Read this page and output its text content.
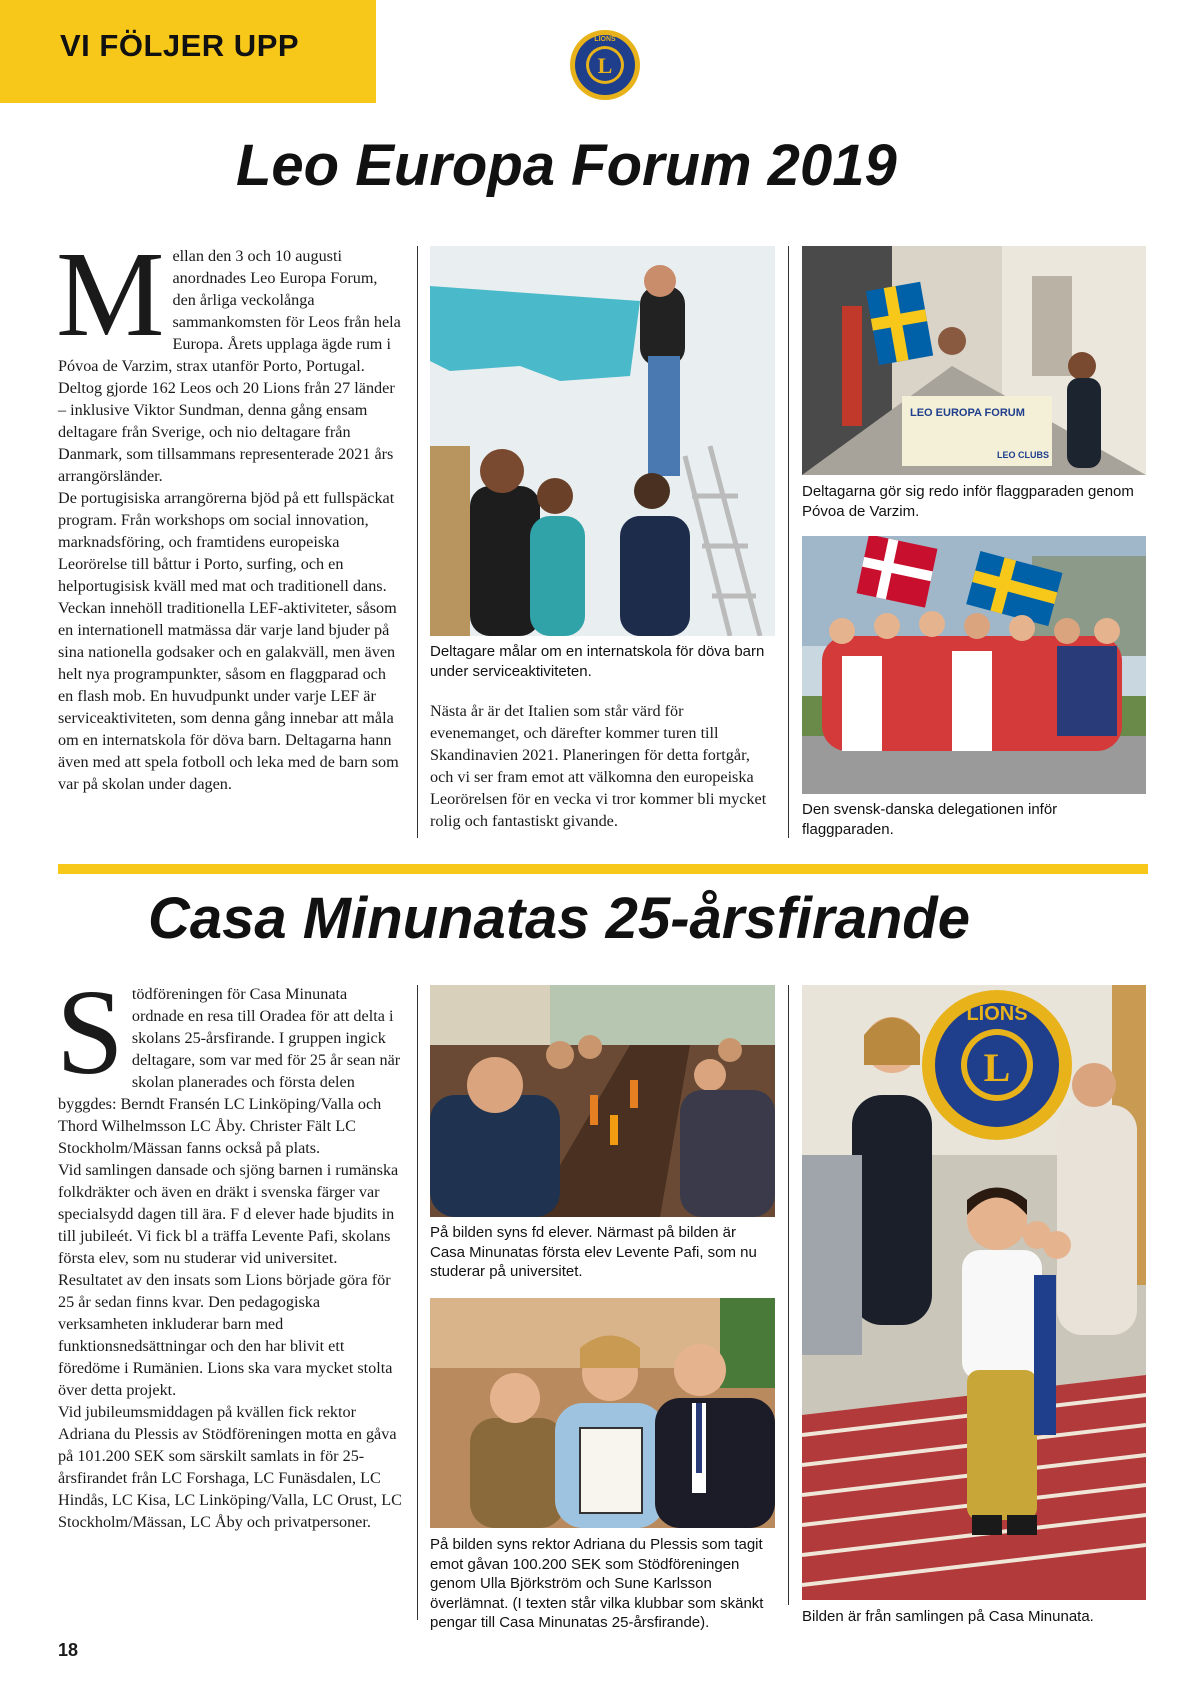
VI FÖLJER UPP
L
LIONS
Leo Europa Forum 2019
M ellan den 3 och 10 augusti anordnades Leo Europa Forum, den årliga veckolånga sammankomsten för Leos från hela Europa. Årets upplaga ägde rum i Póvoa de Varzim, strax utanför Porto, Portugal. Deltog gjorde 162 Leos och 20 Lions från 27 länder – inklusive Viktor Sundman, denna gång ensam deltagare från Sverige, och nio deltagare från Danmark, som tillsammans representerade 2021 års arrangörsländer.

De portugisiska arrangörerna bjöd på ett fullspäckat program. Från workshops om social innovation, marknadsföring, och framtidens europeiska Leorörelse till båttur i Porto, surfing, och en helportugisisk kväll med mat och traditionell dans. Veckan innehöll traditionella LEF-aktiviteter, såsom en internationell matmässa där varje land bjuder på sina nationella godsaker och en galakväll, men även helt nya programpunkter, såsom en flaggparad och en flash mob. En huvudpunkt under varje LEF är serviceaktiviteten, som denna gång innebar att måla om en internatskola för döva barn. Deltagarna hann även med att spela fotboll och leka med de barn som var på skolan under dagen.

Deltagare målar om en internatskola för döva barn under serviceaktiviteten.

Nästa år är det Italien som står värd för evenemanget, och därefter kommer turen till Skandinavien 2021. Planeringen för detta fortgår, och vi ser fram emot att välkomna den europeiska Leorörelsen för en vecka vi tror kommer bli mycket rolig och fantastiskt givande.

LEO EUROPA FORUM
LEO CLUBS
Deltagarna gör sig redo inför flaggparaden genom Póvoa de Varzim.
Den svensk-danska delegationen inför flaggparaden.
Casa Minunatas 25-årsfirande
S tödföreningen för Casa Minunata ordnade en resa till Oradea för att delta i skolans 25-årsfirande. I gruppen ingick deltagare, som var med för 25 år sean när skolan planerades och första delen byggdes: Berndt Fransén LC Linköping/Valla och Thord Wilhelmsson LC Åby. Christer Fält LC Stockholm/Mässan fanns också på plats.

Vid samlingen dansade och sjöng barnen i rumänska folkdräkter och även en dräkt i svenska färger var specialsydd dagen till ära. F d elever hade bjudits in till jubileét. Vi fick bl a träffa Levente Pafi, skolans första elev, som nu studerar vid universitet.

Resultatet av den insats som Lions började göra för 25 år sedan finns kvar. Den pedagogiska verksamheten inkluderar barn med funktionsnedsättningar och den har blivit ett föredöme i Rumänien. Lions ska vara mycket stolta över detta projekt.

Vid jubileumsmiddagen på kvällen fick rektor Adriana du Plessis av Stödföreningen motta en gåva på 101.200 SEK som särskilt samlats in för 25-årsfirandet från LC Forshaga, LC Funäsdalen, LC Hindås, LC Kisa, LC Linköping/Valla, LC Orust, LC Stockholm/Mässan, LC Åby och privatpersoner.

På bilden syns fd elever. Närmast på bilden är Casa Minunatas första elev Levente Pafi, som nu studerar på universitet.
På bilden syns rektor Adriana du Plessis som tagit emot gåvan 100.200 SEK som Stödföreningen genom Ulla Björkström och Sune Karlsson överlämnat. (I texten står vilka klubbar som skänkt pengar till Casa Minunatas 25-årsfirande).
L
LIONS
Bilden är från samlingen på Casa Minunata.
18
